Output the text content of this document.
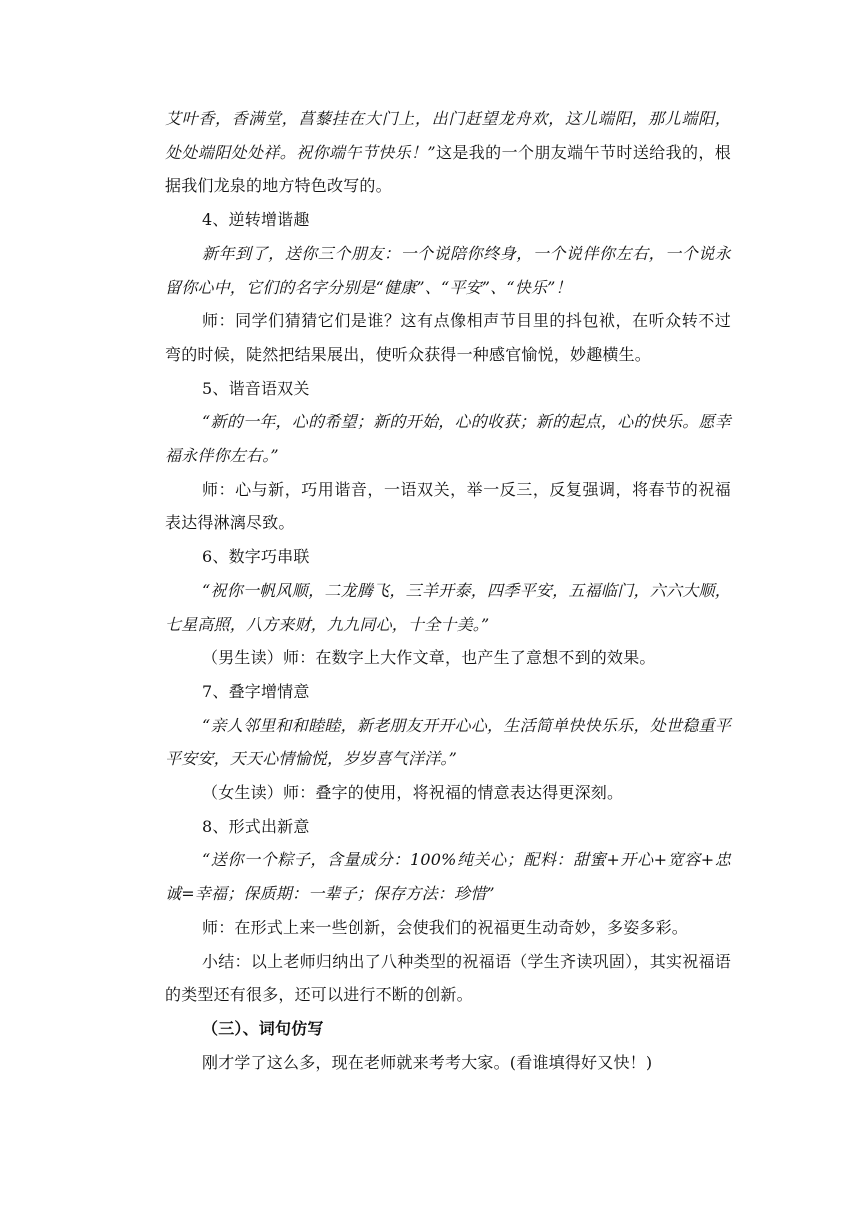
艾叶香，香满堂，菖藜挂在大门上，出门赶望龙舟欢，这儿端阳，那儿端阳，处处端阳处处祥。祝你端午节快乐！”这是我的一个朋友端午节时送给我的，根据我们龙泉的地方特色改写的。

4、逆转增谐趣

新年到了，送你三个朋友：一个说陪你终身，一个说伴你左右，一个说永留你心中，它们的名字分别是“健康”、“平安”、“快乐”！

师：同学们猜猜它们是谁？这有点像相声节目里的抖包袱，在听众转不过弯的时候，陡然把结果展出，使听众获得一种感官愉悦，妙趣横生。

5、谐音语双关

“新的一年，心的希望；新的开始，心的收获；新的起点，心的快乐。愿幸福永伴你左右。”

师：心与新，巧用谐音，一语双关，举一反三，反复强调，将春节的祝福表达得淋漓尽致。

6、数字巧串联

“祝你一帆风顺，二龙腾飞，三羊开泰，四季平安，五福临门，六六大顺，七星高照，八方来财，九九同心，十全十美。”

（男生读）师：在数字上大作文章，也产生了意想不到的效果。

7、叠字增情意

“亲人邻里和和睦睦，新老朋友开开心心，生活简单快快乐乐，处世稳重平平安安，天天心情愉悦，岁岁喜气洋洋。”

（女生读）师：叠字的使用，将祝福的情意表达得更深刻。

8、形式出新意

“送你一个粽子，含量成分：100%纯关心；配料：甜蜜+开心+宽容+忠诚=幸福；保质期：一辈子；保存方法：珍惜”

师：在形式上来一些创新，会使我们的祝福更生动奇妙，多姿多彩。

小结：以上老师归纳出了八种类型的祝福语（学生齐读巩固），其实祝福语的类型还有很多，还可以进行不断的创新。

（三）、词句仿写

刚才学了这么多，现在老师就来考考大家。(看谁填得好又快！)
